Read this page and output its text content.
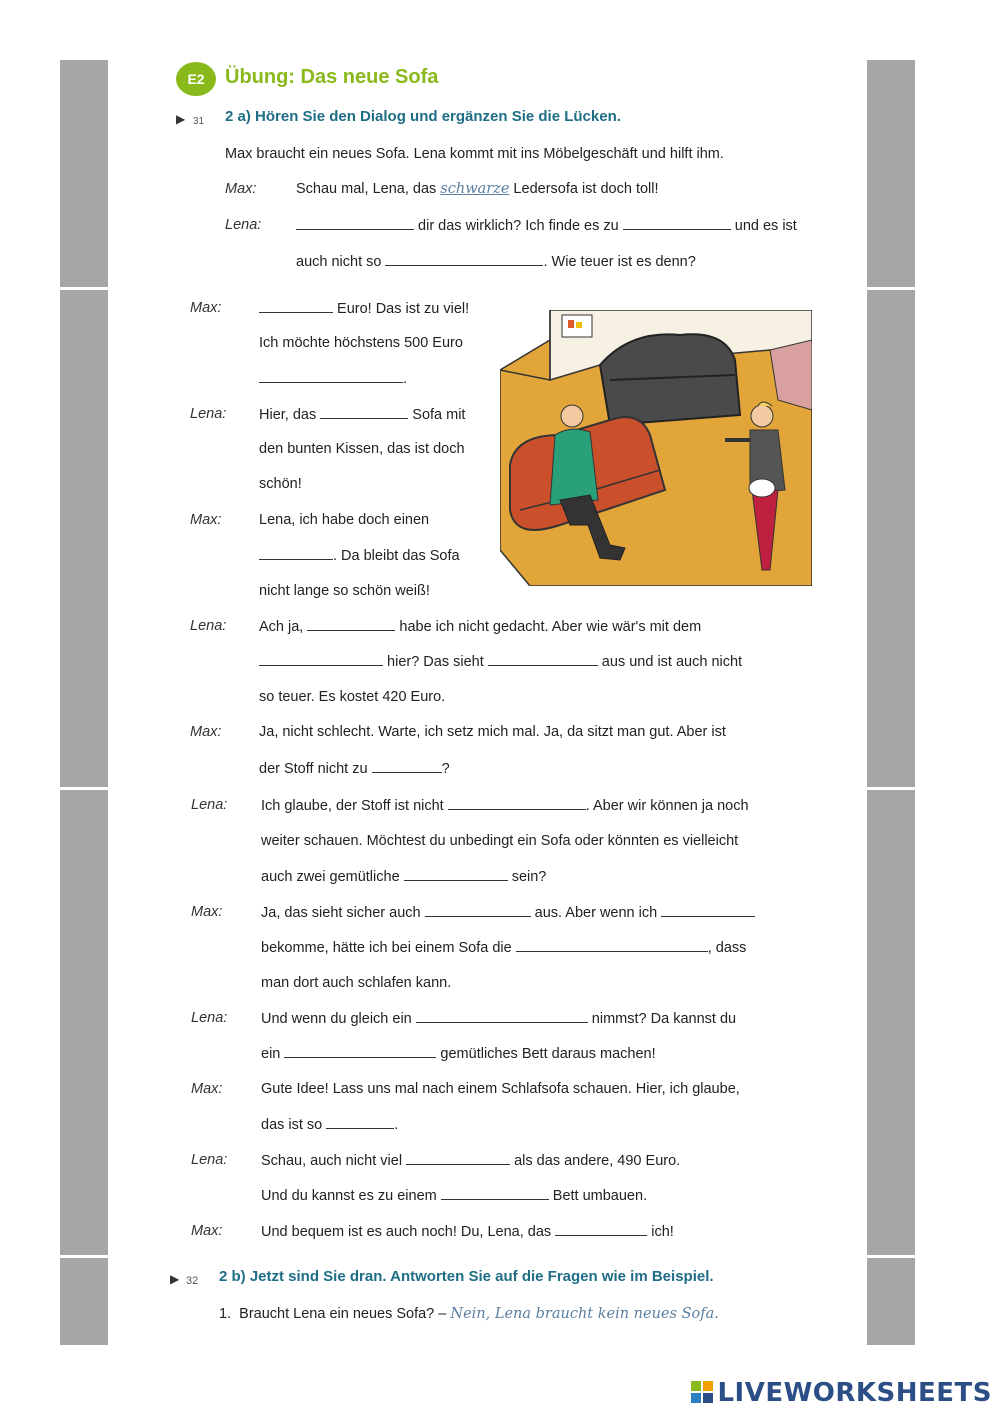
E2	Übung: Das neue Sofa
▶ 31 2 a) Hören Sie den Dialog und ergänzen Sie die Lücken.
Max braucht ein neues Sofa. Lena kommt mit ins Möbelgeschäft und hilft ihm.
Max:	Schau mal, Lena, das schwarze Ledersofa ist doch toll!
Lena:	dir das wirklich? Ich finde es zu	und es ist
auch nicht so	. Wie teuer ist es denn?
Max:	Euro! Das ist zu viel!
Ich möchte höchstens 500 Euro
.
Lena: Hier, das	Sofa mit
den bunten Kissen, das ist doch
schön!
Max:	Lena, ich habe doch einen
. Da bleibt das Sofa
nicht lange so schön weiß!
Lena: Ach ja,	habe ich nicht gedacht. Aber wie wär's mit dem
hier? Das sieht	aus und ist auch nicht
so teuer. Es kostet 420 Euro.
Max:	Ja, nicht schlecht. Warte, ich setz mich mal. Ja, da sitzt man gut. Aber ist
der Stoff nicht zu	?
Lena: Ich glaube, der Stoff ist nicht	. Aber wir können ja noch
weiter schauen. Möchtest du unbedingt ein Sofa oder könnten es vielleicht
auch zwei gemütliche	sein?
Max:	Ja, das sieht sicher auch	aus. Aber wenn ich
bekomme, hätte ich bei einem Sofa die	, dass
man dort auch schlafen kann.
Lena: Und wenn du gleich ein	nimmst? Da kannst du
ein	gemütliches Bett daraus machen!
Max:	Gute Idee! Lass uns mal nach einem Schlafsofa schauen. Hier, ich glaube,
das ist so	.
Lena: Schau, auch nicht viel	als das andere, 490 Euro.
Und du kannst es zu einem	Bett umbauen.
Max:	Und bequem ist es auch noch! Du, Lena, das	ich!
▶ 32 2 b) Jetzt sind Sie dran. Antworten Sie auf die Fragen wie im Beispiel.
1. Braucht Lena ein neues Sofa? – Nein, Lena braucht kein neues Sofa.
LIVEWORKSHEETS
